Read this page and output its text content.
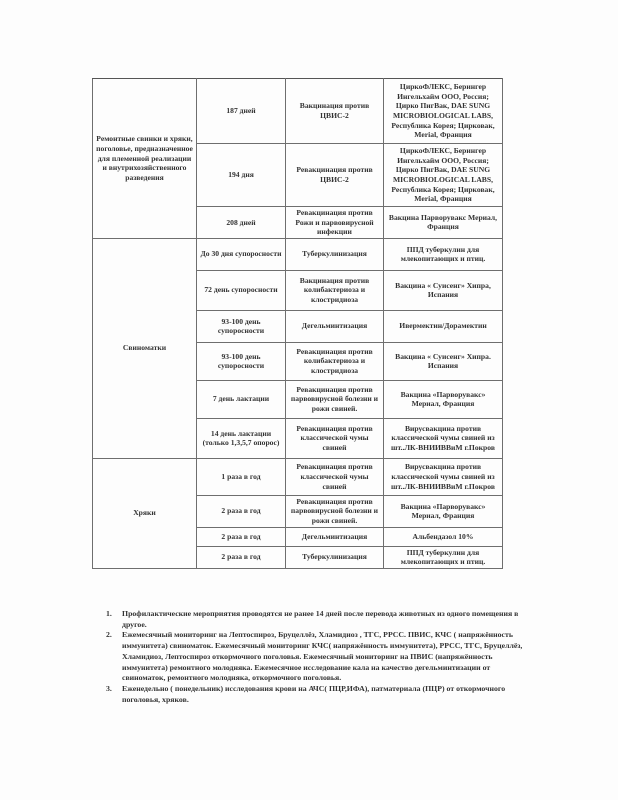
Ремонтные свинки и хряки, поголовье, предназначенное для племенной реализации и внутрихозяйственного разведения	187 дней	Вакцинация против ЦВИС-2	ЦиркоФЛЕКС, Берингер Ингельхайм ООО, Россия; Цирко ПигВак, DAE SUNG MICROBIOLOGICAL LABS, Республика Корея; Цирковак, Merial, Франция
	194 дня	Ревакцинация против ЦВИС-2	ЦиркоФЛЕКС, Берингер Ингельхайм ООО, Россия; Цирко ПигВак, DAE SUNG MICROBIOLOGICAL LABS, Республика Корея; Цирковак, Merial, Франция
	208 дней	Ревакцинация против Рожи и парвовирусной инфекции	Вакцина Парворувакс Мериал, Франция
Свиноматки	До 30 дня супоросности	Туберкулинизация	ППД туберкулин для млекопитающих и птиц.
	72 день супоросности	Вакцинация против колибактериоза и клостридиоза	Вакцина « Суисенг» Хипра, Испания
	93-100 день супоросности	Дегельминтизация	Ивермектин/Дорамектин
	93-100 день супоросности	Ревакцинация против колибактериоза и клостридиоза	Вакцина « Суисенг» Хипра. Испания
	7 день лактации	Ревакцинация против парвовирусной болезни и рожи свиней.	Вакцина «Парворувакс» Мериал, Франция
	14 день лактации (только 1,3,5,7 опорос)	Ревакцинация против классической чумы свиней	Вирусвакцина против классической чумы свиней из шт..ЛК-ВНИИВВиМ г.Покров
Хряки	1 раза в год	Ревакцинация против классической чумы свиней	Вирусвакцина против классической чумы свиней из шт..ЛК-ВНИИВВиМ г.Покров
	2 раза в год	Ревакцинация против парвовирусной болезни и рожи свиней.	Вакцина «Парворувакс» Мериал, Франция
	2 раза в год	Дегельминтизация	Альбендазол 10%
	2 раза в год	Туберкулинизация	ППД туберкулин для млекопитающих и птиц.
1. Профилактические мероприятия проводятся не ранее 14 дней после перевода животных из одного помещения в другое.
2. Ежемесячный мониторинг на Лептоспироз, Бруцеллёз, Хламидиоз , ТГС, РРСС. ПВИС, КЧС ( напряжённость иммунитета) свиноматок. Ежемесячный мониторинг КЧС( напряжённость иммунитета), РРСС, ТГС, Бруцеллёз, Хламидиоз, Лептоспироз откормочного поголовья. Ежемесячный мониторинг на ПВИС (напряжённость иммунитета) ремонтного молодняка. Ежемесячное исследование кала на качество дегельминтизации от свиноматок, ремонтного молодняка, откормочного поголовья.
3. Еженедельно ( понедельник) исследования крови на АЧС( ПЦР,ИФА), патматериала (ПЦР) от откормочного поголовья, хряков.
